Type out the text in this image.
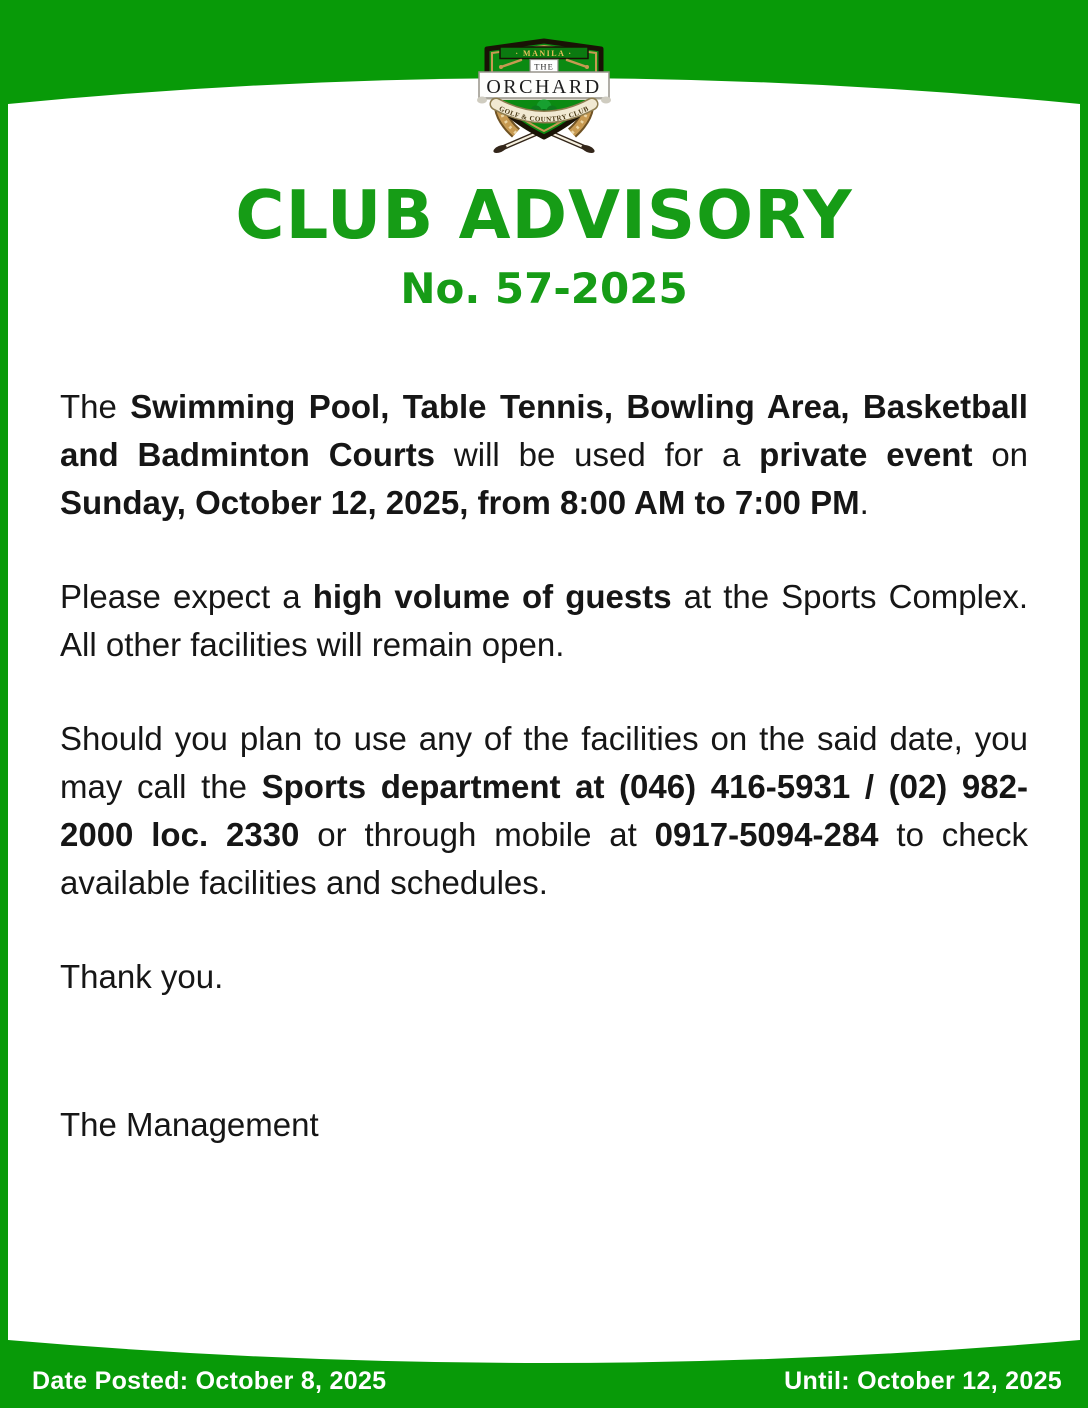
· MANILA ·
THE
ORCHARD
GOLF & COUNTRY CLUB
CLUB ADVISORY
No. 57-2025

The Swimming Pool, Table Tennis, Bowling Area, Basketball and Badminton Courts will be used for a private event on Sunday, October 12, 2025, from 8:00 AM to 7:00 PM.

Please expect a high volume of guests at the Sports Complex. All other facilities will remain open.

Should you plan to use any of the facilities on the said date, you may call the Sports department at (046) 416-5931 / (02) 982-2000 loc. 2330 or through mobile at 0917-5094-284 to check available facilities and schedules.

Thank you.

The Management

Date Posted: October 8, 2025	Until: October 12, 2025
